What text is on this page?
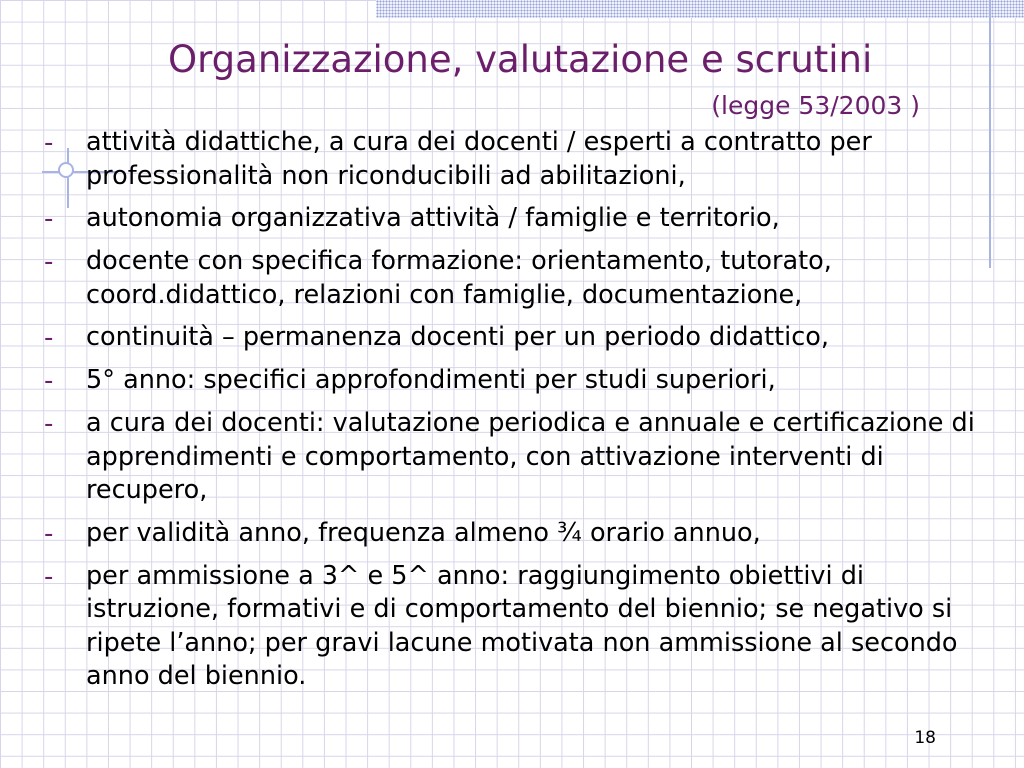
Organizzazione, valutazione e scrutini
(legge 53/2003 )
-	attività didattiche, a cura dei docenti / esperti a contratto per professionalità non riconducibili ad abilitazioni,
-	autonomia organizzativa attività / famiglie e territorio,
-	docente con specifica formazione: orientamento, tutorato, coord.didattico, relazioni con famiglie, documentazione,
-	continuità – permanenza docenti per un periodo didattico,
-	5° anno: specifici approfondimenti per studi superiori,
-	a cura dei docenti: valutazione periodica e annuale e certificazione di apprendimenti e comportamento, con attivazione interventi di recupero,
-	per validità anno, frequenza almeno ¾ orario annuo,
-	per ammissione a 3^ e 5^ anno: raggiungimento obiettivi di istruzione, formativi e di comportamento del biennio; se negativo si ripete l’anno; per gravi lacune motivata non ammissione al secondo anno del biennio.
18
